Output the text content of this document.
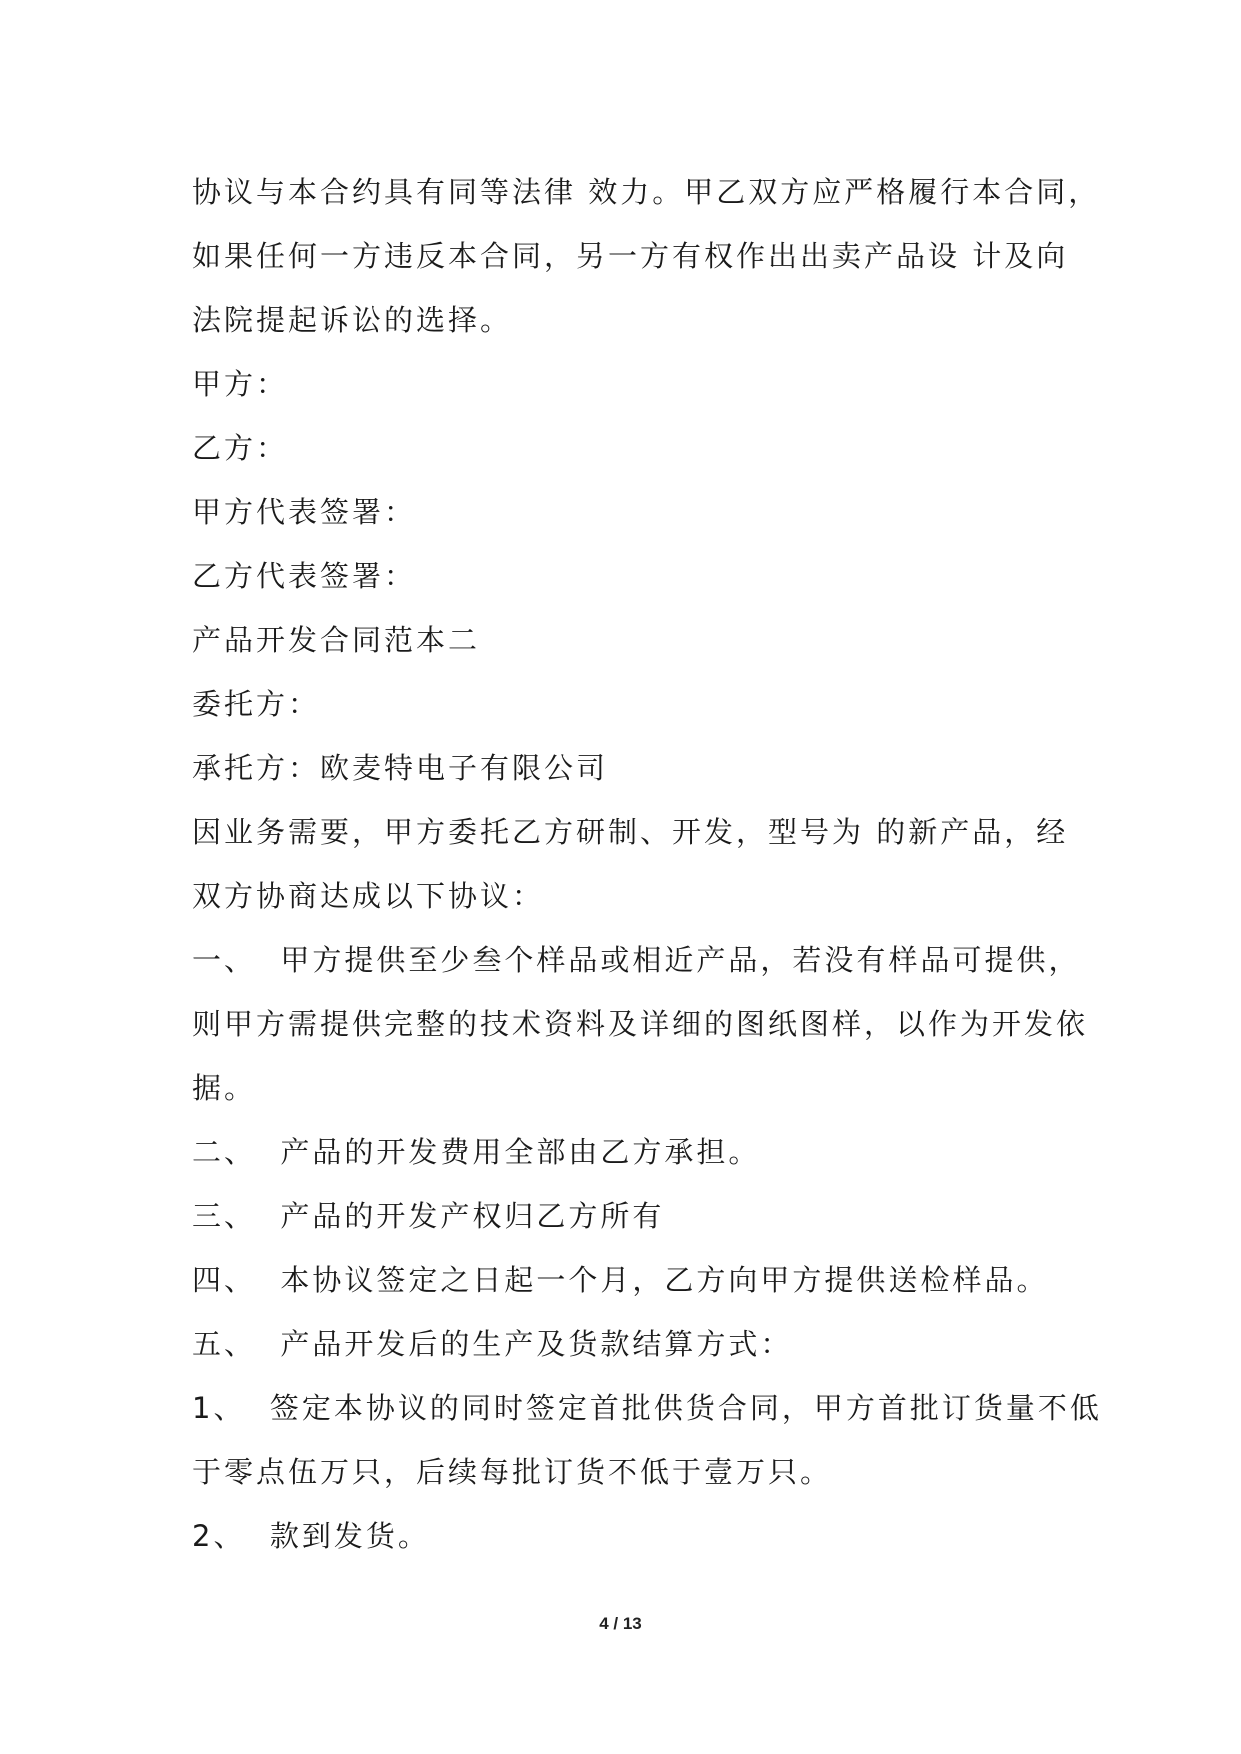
协议与本合约具有同等法律 效力。甲乙双方应严格履行本合同，
如果任何一方违反本合同，另一方有权作出出卖产品设 计及向
法院提起诉讼的选择。
甲方：
乙方：
甲方代表签署：
乙方代表签署：
产品开发合同范本二
委托方：
承托方：欧麦特电子有限公司
因业务需要，甲方委托乙方研制、开发，型号为 的新产品，经
双方协商达成以下协议：
一、  甲方提供至少叁个样品或相近产品，若没有样品可提供，
则甲方需提供完整的技术资料及详细的图纸图样，以作为开发依
据。
二、  产品的开发费用全部由乙方承担。
三、  产品的开发产权归乙方所有
四、  本协议签定之日起一个月，乙方向甲方提供送检样品。
五、  产品开发后的生产及货款结算方式：
1、  签定本协议的同时签定首批供货合同，甲方首批订货量不低
于零点伍万只，后续每批订货不低于壹万只。
2、  款到发货。
4 / 13
